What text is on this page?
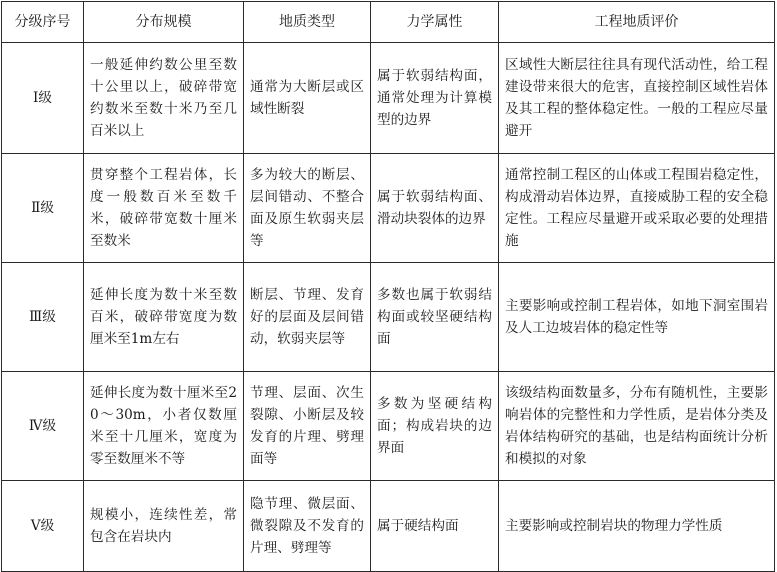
分级序号	分布规模	地质类型	力学属性	工程地质评价
Ⅰ级	一般延伸约数公里至数十公里以上，破碎带宽约数米至数十米乃至几百米以上	通常为大断层或区域性断裂	属于软弱结构面，通常处理为计算模型的边界	区域性大断层往往具有现代活动性，给工程建设带来很大的危害，直接控制区域性岩体及其工程的整体稳定性。一般的工程应尽量避开
Ⅱ级	贯穿整个工程岩体，长度一般数百米至数千米，破碎带宽数十厘米至数米	多为较大的断层、层间错动、不整合面及原生软弱夹层等	属于软弱结构面、滑动块裂体的边界	通常控制工程区的山体或工程围岩稳定性，构成滑动岩体边界，直接威胁工程的安全稳定性。工程应尽量避开或采取必要的处理措施
Ⅲ级	延伸长度为数十米至数百米，破碎带宽度为数厘米至1m左右	断层、节理、发育好的层面及层间错动，软弱夹层等	多数也属于软弱结构面或较坚硬结构面	主要影响或控制工程岩体，如地下洞室围岩及人工边坡岩体的稳定性等
Ⅳ级	延伸长度为数十厘米至20～30m，小者仅数厘米至十几厘米，宽度为零至数厘米不等	节理、层面、次生裂隙、小断层及较发育的片理、劈理面等	多数为坚硬结构面；构成岩块的边界面	该级结构面数量多，分布有随机性，主要影响岩体的完整性和力学性质，是岩体分类及岩体结构研究的基础，也是结构面统计分析和模拟的对象
Ⅴ级	规模小，连续性差，常包含在岩块内	隐节理、微层面、微裂隙及不发育的片理、劈理等	属于硬结构面	主要影响或控制岩块的物理力学性质
